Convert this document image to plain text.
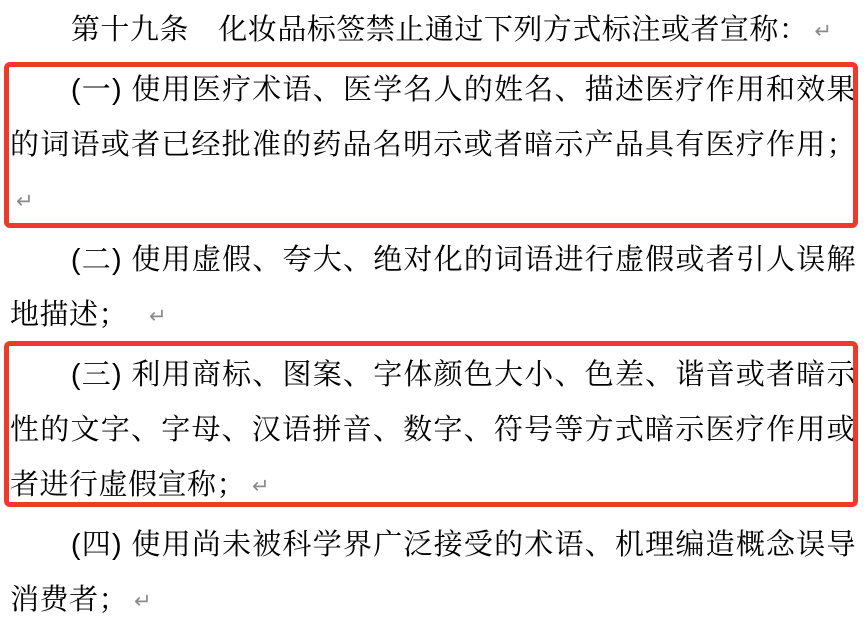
第十九条　化妆品标签禁止通过下列方式标注或者宣称： ↵

(一) 使用医疗术语、医学名人的姓名、描述医疗作用和效果的词语或者已经批准的药品名明示或者暗示产品具有医疗作用；↵

(二) 使用虚假、夸大、绝对化的词语进行虚假或者引人误解地描述；　↵

(三) 利用商标、图案、字体颜色大小、色差、谐音或者暗示性的文字、字母、汉语拼音、数字、符号等方式暗示医疗作用或者进行虚假宣称； ↵

(四) 使用尚未被科学界广泛接受的术语、机理编造概念误导消费者； ↵
